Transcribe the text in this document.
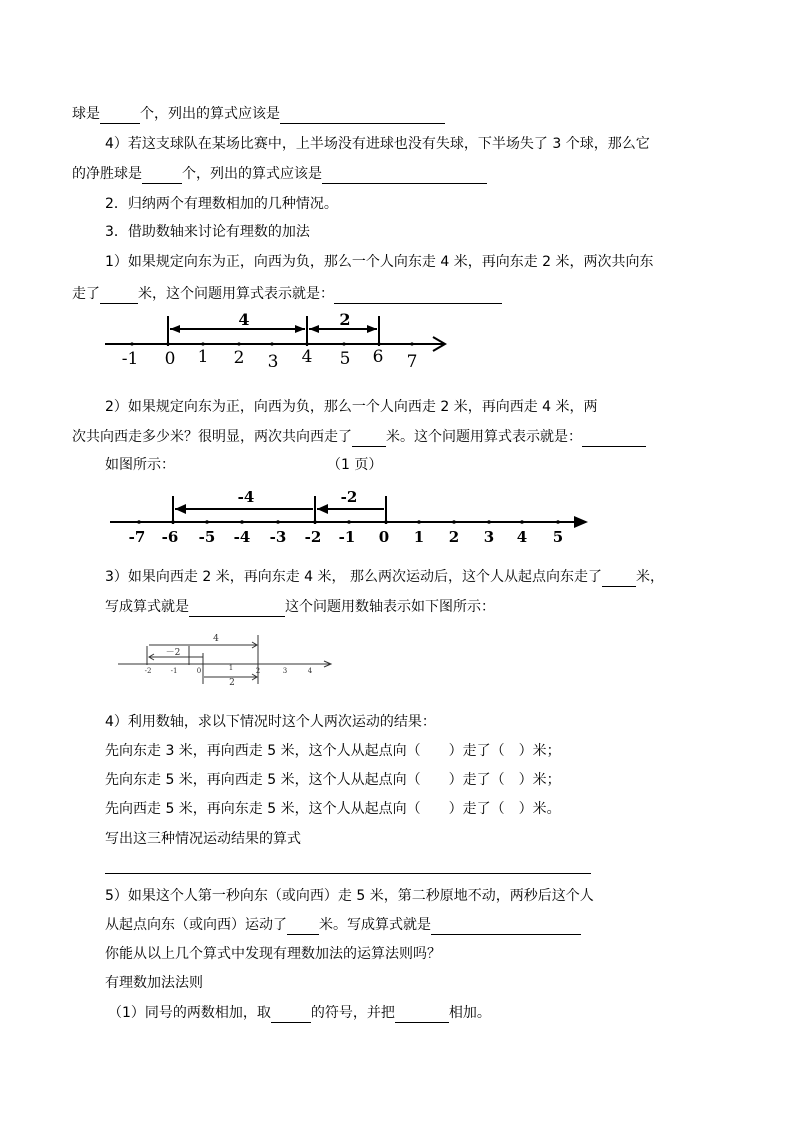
球是	个，列出的算式应该是
4）若这支球队在某场比赛中，上半场没有进球也没有失球，下半场失了 3 个球，那么它
的净胜球是	个，列出的算式应该是
2．归纳两个有理数相加的几种情况。
3．借助数轴来讨论有理数的加法
1）如果规定向东为正，向西为负，那么一个人向东走 4 米，再向东走 2 米，两次共向东
走了	米，这个问题用算式表示就是：
4	2
-1 0 1 2 3 4 5 6 7
2）如果规定向东为正，向西为负，那么一个人向西走 2 米，再向西走 4 米，两
次共向西走多少米？很明显，两次共向西走了 米。这个问题用算式表示就是：
如图所示：	（1 页）
-4	-2
-7 -6 -5 -4 -3 -2 -1 0 1 2 3 4 5
3）如果向西走 2 米，再向东走 4 米， 那么两次运动后，这个人从起点向东走了 米，
写成算式就是	这个问题用数轴表示如下图所示：
4
－2
2
-2	-1	0	1	2	3	4
4）利用数轴，求以下情况时这个人两次运动的结果：
先向东走 3 米，再向西走 5 米，这个人从起点向（　　）走了（　）米；
先向东走 5 米，再向西走 5 米，这个人从起点向（　　）走了（　）米；
先向西走 5 米，再向东走 5 米，这个人从起点向（　　）走了（　）米。
写出这三种情况运动结果的算式
5）如果这个人第一秒向东（或向西）走 5 米，第二秒原地不动，两秒后这个人
从起点向东（或向西）运动了 米。写成算式就是
你能从以上几个算式中发现有理数加法的运算法则吗？
有理数加法法则
（1）同号的两数相加，取	的符号，并把	相加。
